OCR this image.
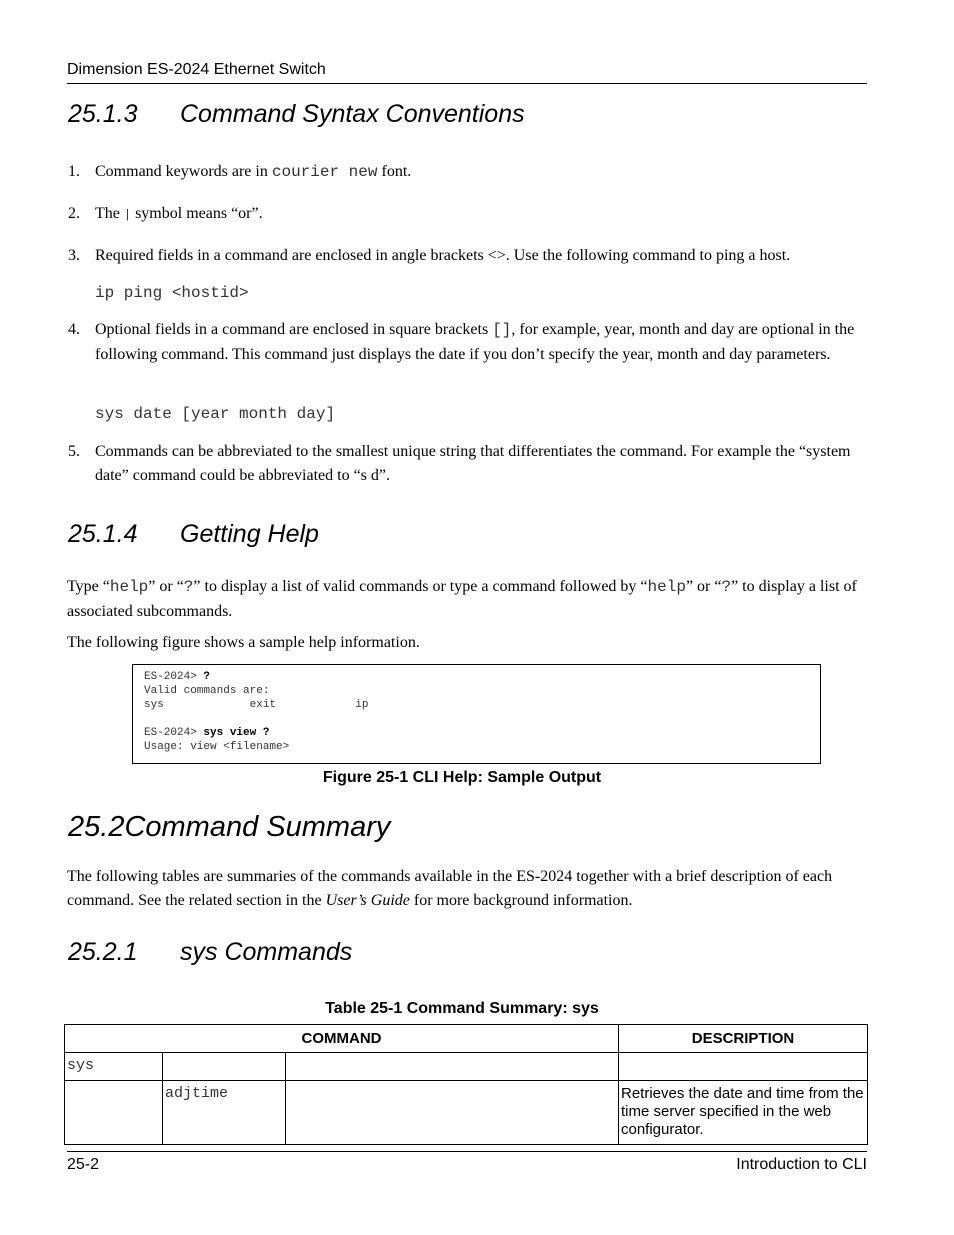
Dimension ES-2024 Ethernet Switch
25.1.3 Command Syntax Conventions
1. Command keywords are in courier new font.
2. The | symbol means “or”.
3. Required fields in a command are enclosed in angle brackets <>. Use the following command to ping a host.
ip ping <hostid>
4. Optional fields in a command are enclosed in square brackets [], for example, year, month and day are optional in the following command. This command just displays the date if you don’t specify the year, month and day parameters.
sys date [year month day]
5. Commands can be abbreviated to the smallest unique string that differentiates the command. For example the “system date” command could be abbreviated to “s d”.
25.1.4 Getting Help
Type “help” or “?” to display a list of valid commands or type a command followed by “help” or “?” to display a list of associated subcommands.
The following figure shows a sample help information.
ES-2024> ?
Valid commands are:
sys             exit            ip
ES-2024> sys view ?
Usage: view <filename>
Figure 25-1 CLI Help: Sample Output
25.2Command Summary
The following tables are summaries of the commands available in the ES-2024 together with a brief description of each command. See the related section in the User’s Guide for more background information.
25.2.1 sys Commands
Table 25-1 Command Summary: sys
COMMAND			DESCRIPTION
sys			
	adjtime		Retrieves the date and time from the time server specified in the web configurator.
25-2	Introduction to CLI
